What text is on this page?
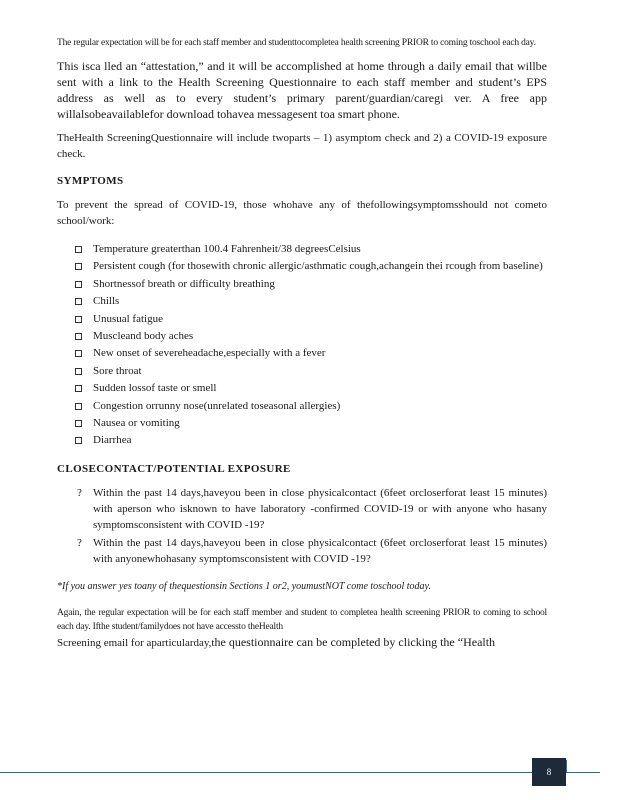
The regular expectation will be for each staff member and studenttocompletea health screening PRIOR to coming toschool each day.

This isca lled an “attestation,” and it will be accomplished at home through a daily email that willbe sent with a link to the Health Screening Questionnaire to each staff member and student’s EPS address as well as to every student’s primary parent/guardian/caregi ver. A free app willalsobeavailablefor download tohavea messagesent toa smart phone.

TheHealth ScreeningQuestionnaire will include twoparts – 1) asymptom check and 2) a COVID-19 exposure check.

SYMPTOMS

To prevent the spread of COVID-19, those whohave any of thefollowingsymptomsshould not cometo school/work:

Temperature greaterthan 100.4 Fahrenheit/38 degreesCelsius
Persistent cough (for thosewith chronic allergic/asthmatic cough,achangein thei rcough from baseline)
Shortnessof breath or difficulty breathing
Chills
Unusual fatigue
Muscleand body aches
New onset of severeheadache,especially with a fever
Sore throat
Sudden lossof taste or smell
Congestion orrunny nose(unrelated toseasonal allergies)
Nausea or vomiting
Diarrhea
CLOSECONTACT/POTENTIAL EXPOSURE
? Within the past 14 days,haveyou been in close physicalcontact (6feet orcloserforat least 15 minutes) with aperson who isknown to have laboratory -confirmed COVID-19 or with anyone who hasany symptomsconsistent with COVID -19?
? Within the past 14 days,haveyou been in close physicalcontact (6feet orcloserforat least 15 minutes) with anyonewhohasany symptomsconsistent with COVID -19?

*If you answer yes toany of thequestionsin Sections 1 or2, youmustNOT come toschool today.

Again, the regular expectation will be for each staff member and student to completea health screening PRIOR to coming to school each day. Ifthe student/familydoes not have accessto theHealth

Screening email for aparticularday,the questionnaire can be completed by clicking the “Health

8
